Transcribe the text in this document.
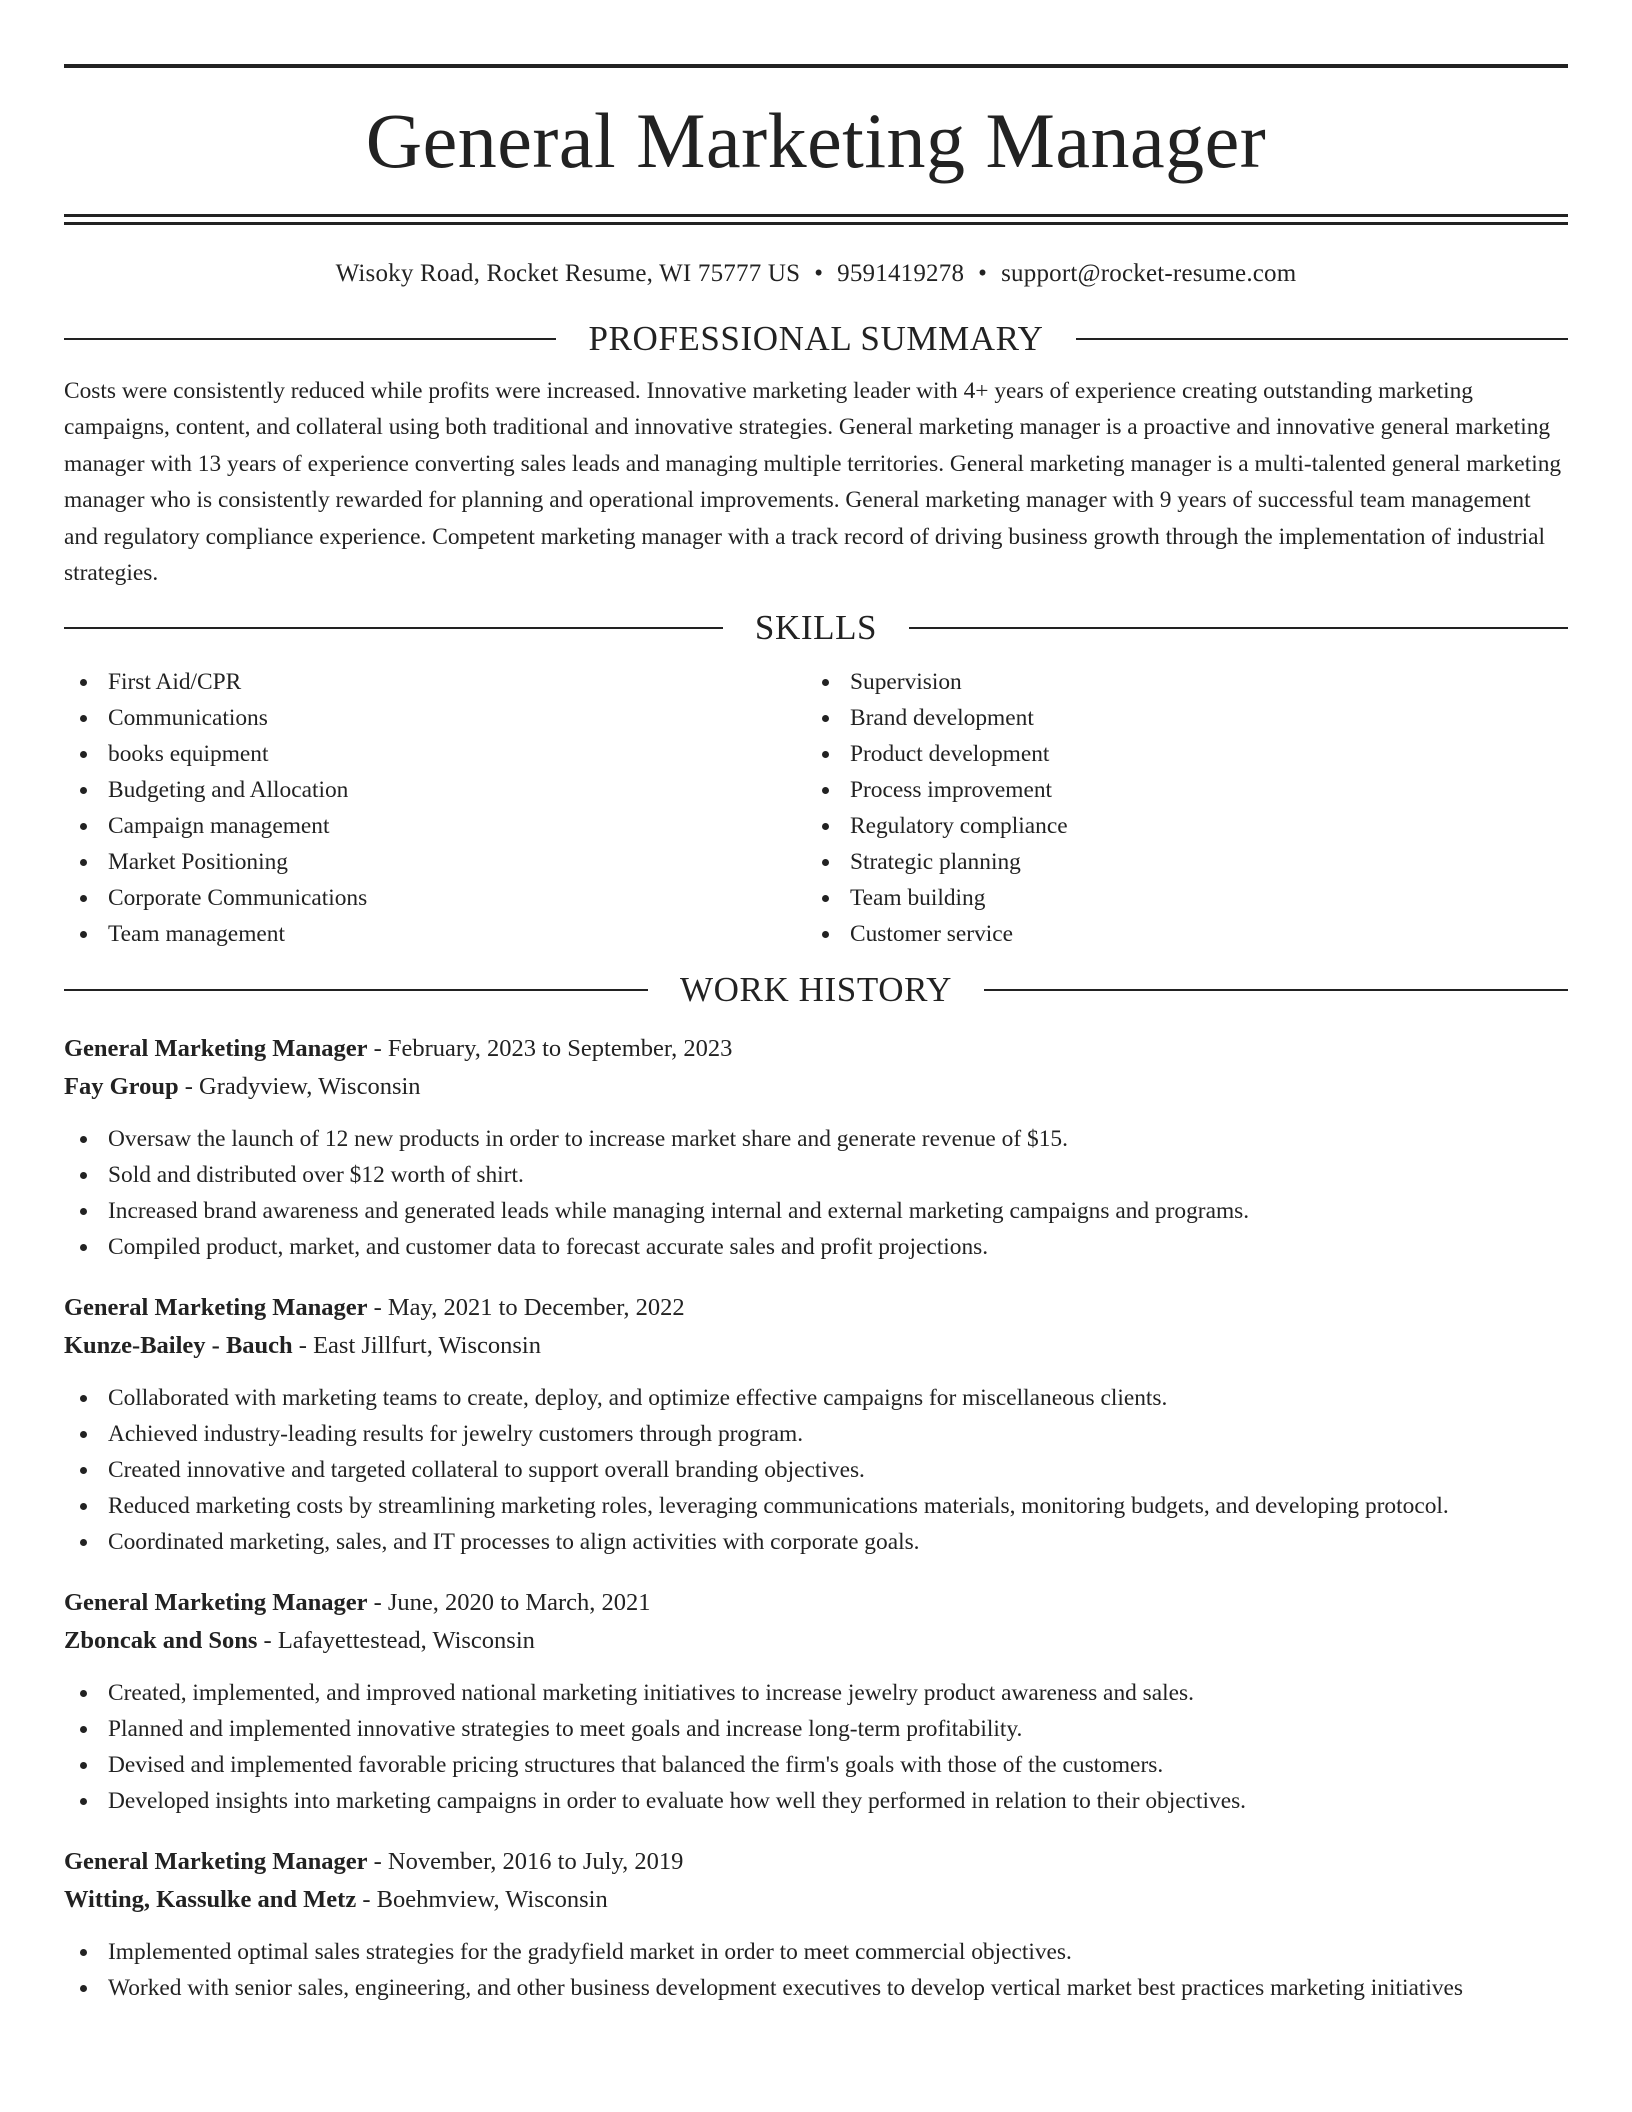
General Marketing Manager
Wisoky Road, Rocket Resume, WI 75777 US • 9591419278 • support@rocket-resume.com
PROFESSIONAL SUMMARY

Costs were consistently reduced while profits were increased. Innovative marketing leader with 4+ years of experience creating outstanding marketing campaigns, content, and collateral using both traditional and innovative strategies. General marketing manager is a proactive and innovative general marketing manager with 13 years of experience converting sales leads and managing multiple territories. General marketing manager is a multi-talented general marketing manager who is consistently rewarded for planning and operational improvements. General marketing manager with 9 years of successful team management and regulatory compliance experience. Competent marketing manager with a track record of driving business growth through the implementation of industrial strategies.

SKILLS
First Aid/CPR
Communications
books equipment
Budgeting and Allocation
Campaign management
Market Positioning
Corporate Communications
Team management
Supervision
Brand development
Product development
Process improvement
Regulatory compliance
Strategic planning
Team building
Customer service
WORK HISTORY
General Marketing Manager - February, 2023 to September, 2023
Fay Group - Gradyview, Wisconsin
Oversaw the launch of 12 new products in order to increase market share and generate revenue of $15.
Sold and distributed over $12 worth of shirt.
Increased brand awareness and generated leads while managing internal and external marketing campaigns and programs.
Compiled product, market, and customer data to forecast accurate sales and profit projections.
General Marketing Manager - May, 2021 to December, 2022
Kunze-Bailey - Bauch - East Jillfurt, Wisconsin
Collaborated with marketing teams to create, deploy, and optimize effective campaigns for miscellaneous clients.
Achieved industry-leading results for jewelry customers through program.
Created innovative and targeted collateral to support overall branding objectives.
Reduced marketing costs by streamlining marketing roles, leveraging communications materials, monitoring budgets, and developing protocol.
Coordinated marketing, sales, and IT processes to align activities with corporate goals.
General Marketing Manager - June, 2020 to March, 2021
Zboncak and Sons - Lafayettestead, Wisconsin
Created, implemented, and improved national marketing initiatives to increase jewelry product awareness and sales.
Planned and implemented innovative strategies to meet goals and increase long-term profitability.
Devised and implemented favorable pricing structures that balanced the firm's goals with those of the customers.
Developed insights into marketing campaigns in order to evaluate how well they performed in relation to their objectives.
General Marketing Manager - November, 2016 to July, 2019
Witting, Kassulke and Metz - Boehmview, Wisconsin
Implemented optimal sales strategies for the gradyfield market in order to meet commercial objectives.
Worked with senior sales, engineering, and other business development executives to develop vertical market best practices marketing initiatives
